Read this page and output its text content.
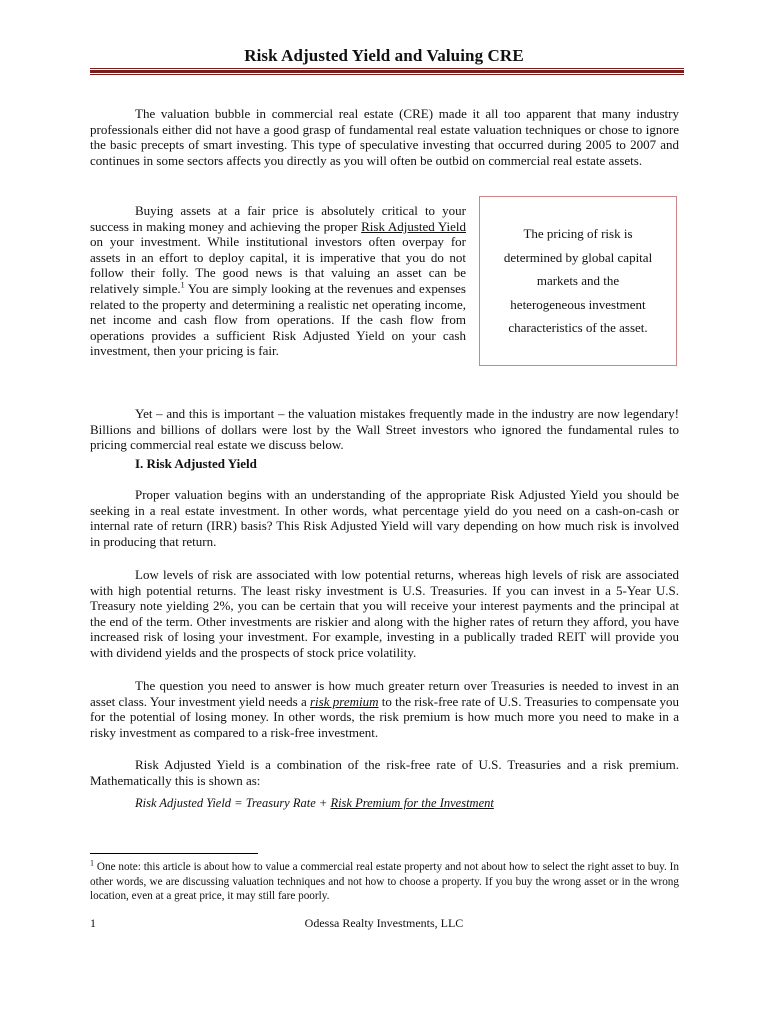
Risk Adjusted Yield and Valuing CRE

The valuation bubble in commercial real estate (CRE) made it all too apparent that many industry professionals either did not have a good grasp of fundamental real estate valuation techniques or chose to ignore the basic precepts of smart investing. This type of speculative investing that occurred during 2005 to 2007 and continues in some sectors affects you directly as you will often be outbid on commercial real estate assets.

Buying assets at a fair price is absolutely critical to your success in making money and achieving the proper Risk Adjusted Yield on your investment. While institutional investors often overpay for assets in an effort to deploy capital, it is imperative that you do not follow their folly. The good news is that valuing an asset can be relatively simple.$^1$ You are simply looking at the revenues and expenses related to the property and determining a realistic net operating income, net income and cash flow from operations. If the cash flow from operations provides a sufficient Risk Adjusted Yield on your cash investment, then your pricing is fair.

The pricing of risk is determined by global capital markets and the heterogeneous investment characteristics of the asset.

Yet – and this is important – the valuation mistakes frequently made in the industry are now legendary! Billions and billions of dollars were lost by the Wall Street investors who ignored the fundamental rules to pricing commercial real estate we discuss below.

I. Risk Adjusted Yield

Proper valuation begins with an understanding of the appropriate Risk Adjusted Yield you should be seeking in a real estate investment. In other words, what percentage yield do you need on a cash-on-cash or internal rate of return (IRR) basis? This Risk Adjusted Yield will vary depending on how much risk is involved in producing that return.

Low levels of risk are associated with low potential returns, whereas high levels of risk are associated with high potential returns. The least risky investment is U.S. Treasuries. If you can invest in a 5-Year U.S. Treasury note yielding 2%, you can be certain that you will receive your interest payments and the principal at the end of the term. Other investments are riskier and along with the higher rates of return they afford, you have increased risk of losing your investment. For example, investing in a publically traded REIT will provide you with dividend yields and the prospects of stock price volatility.

The question you need to answer is how much greater return over Treasuries is needed to invest in an asset class. Your investment yield needs a risk premium to the risk-free rate of U.S. Treasuries to compensate you for the potential of losing money. In other words, the risk premium is how much more you need to make in a risky investment as compared to a risk-free investment.

Risk Adjusted Yield is a combination of the risk-free rate of U.S. Treasuries and a risk premium. Mathematically this is shown as:

Risk Adjusted Yield = Treasury Rate + Risk Premium for the Investment

$^1$ One note: this article is about how to value a commercial real estate property and not about how to select the right asset to buy. In other words, we are discussing valuation techniques and not how to choose a property. If you buy the wrong asset or in the wrong location, even at a great price, it may still fare poorly.

1	Odessa Realty Investments, LLC
